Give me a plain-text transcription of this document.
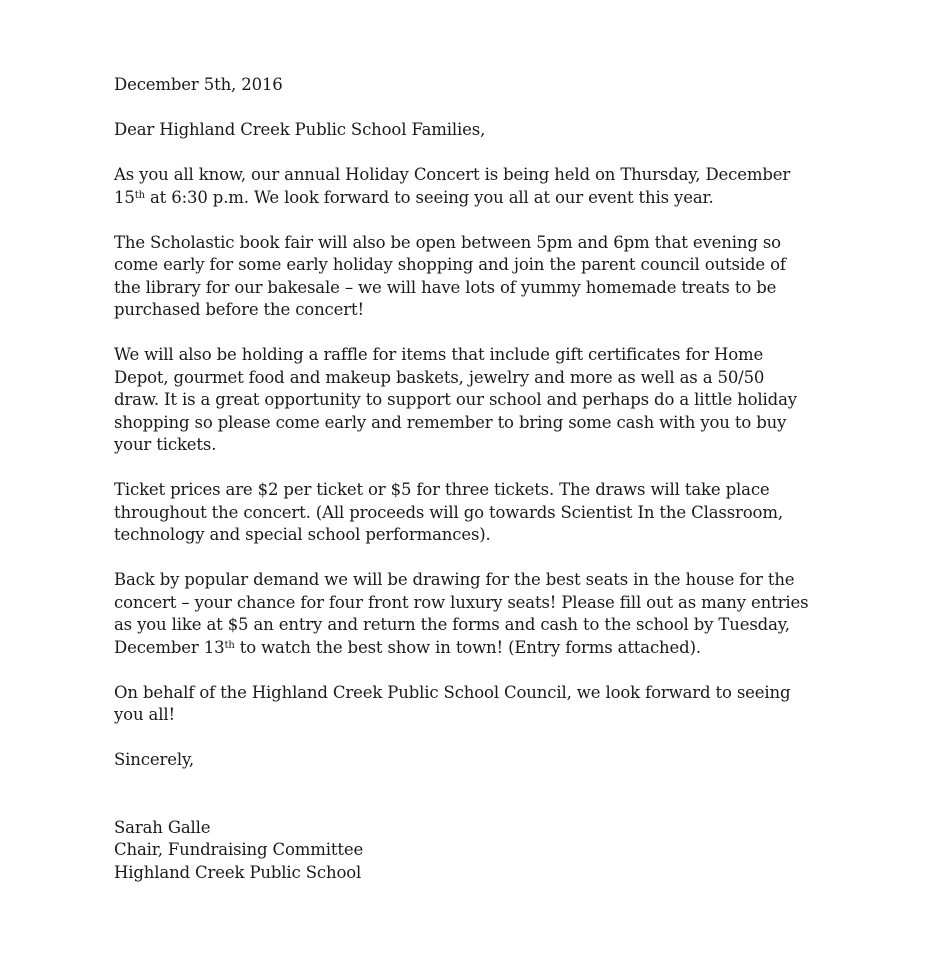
December 5th, 2016

Dear Highland Creek Public School Families,

As you all know, our annual Holiday Concert is being held on Thursday, December 15th at 6:30 p.m. We look forward to seeing you all at our event this year.

The Scholastic book fair will also be open between 5pm and 6pm that evening so come early for some early holiday shopping and join the parent council outside of the library for our bakesale – we will have lots of yummy homemade treats to be purchased before the concert!

We will also be holding a raffle for items that include gift certificates for Home Depot, gourmet food and makeup baskets, jewelry and more as well as a 50/50 draw. It is a great opportunity to support our school and perhaps do a little holiday shopping so please come early and remember to bring some cash with you to buy your tickets.

Ticket prices are $2 per ticket or $5 for three tickets. The draws will take place throughout the concert. (All proceeds will go towards Scientist In the Classroom, technology and special school performances).

Back by popular demand we will be drawing for the best seats in the house for the concert – your chance for four front row luxury seats! Please fill out as many entries as you like at $5 an entry and return the forms and cash to the school by Tuesday, December 13th to watch the best show in town! (Entry forms attached).

On behalf of the Highland Creek Public School Council, we look forward to seeing you all!

Sincerely,

Sarah Galle
Chair, Fundraising Committee
Highland Creek Public School
